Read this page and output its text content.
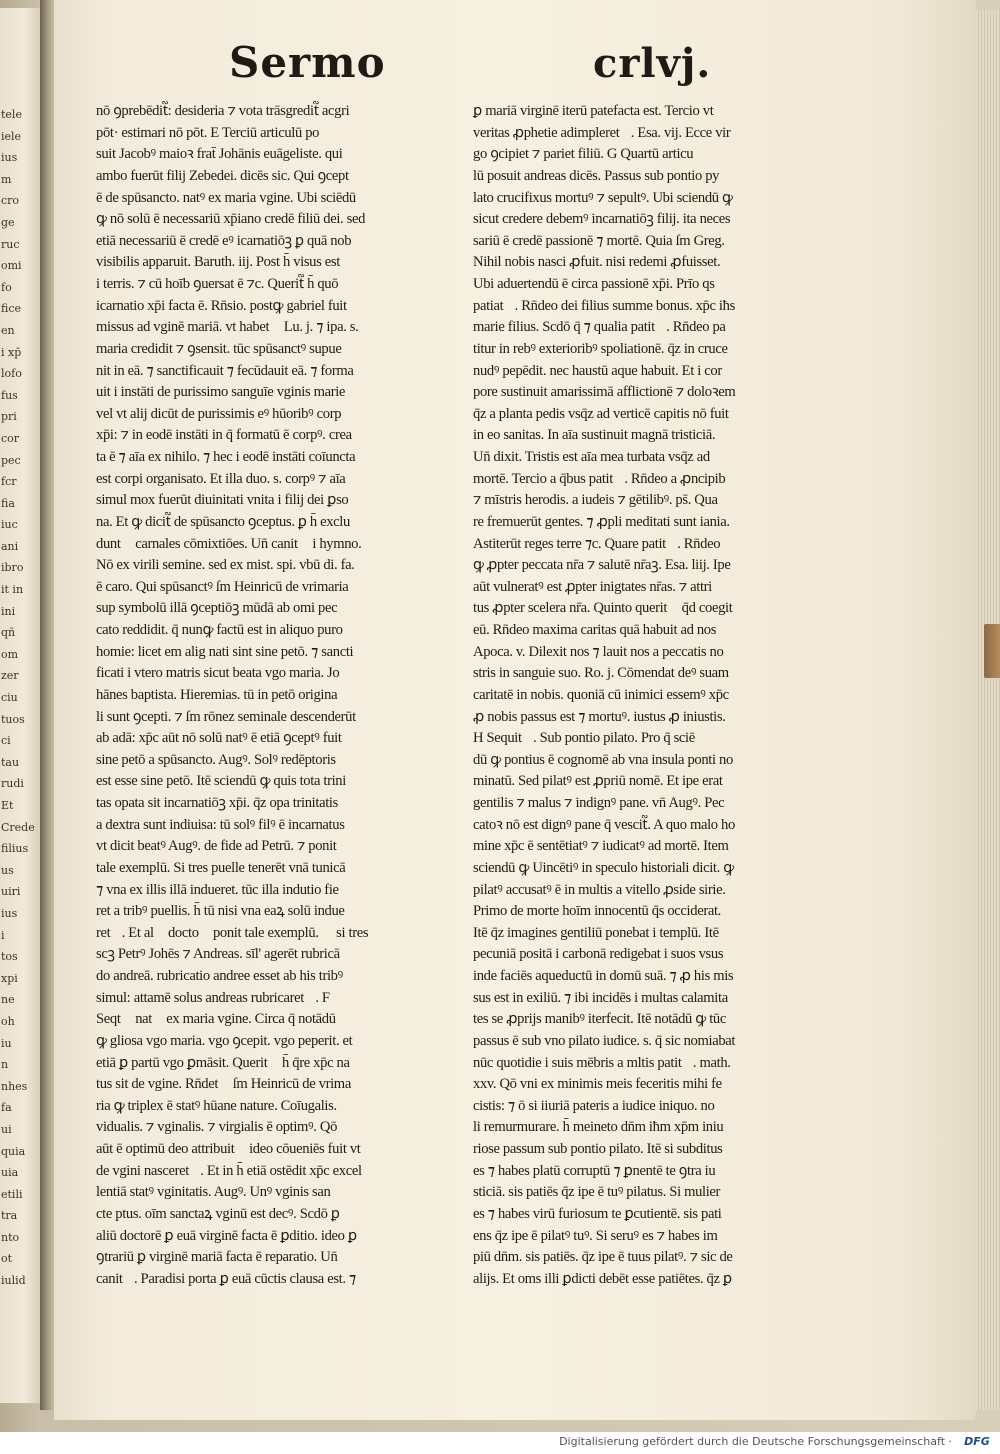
tele
iele
ius
m
cro
ge
ruc
omi
fo
fice
en
i xp̄
lofo
fus
pri
cor
pec
fcr
fia
iuc
ani
ibro
it in
ini
qñ
om
zer
ciu
tuos
ci
tau
rudi
Et
Crede
filius
us
uiri
ius
i
tos
xpi
ne
oh
iu
n
nhes
fa
ui
quia
uia
etili
tra
nto
ot
iulid
Sermo	crlvj.
nō ꝯprebēdit᷑: desideria ⁊ vota trāsgredit᷑ acgri
pōt· estimari nō pōt. E Terciū articulū po
suit Jacobꝰ maioꝛ frat̄ Johānis euāgeliste. qui
ambo fuerūt filij Zebedei. dicēs sic. Qui ꝯcept
ē de spūsancto. natꝰ ex maria vgine. Ubi sciēdū
ꝙ nō solū ē necessariū xp̄iano credē filiū dei. sed
etiā necessariū ē credē eꝰ icarnatiōꝫ ꝑ quā nob
visibilis apparuit. Baruth. iij. Post h̄ visus est
i terris. ⁊ cū hoīb ꝯuersat ē ⁊c. Querit᷑ h̄ quō
icarnatio xp̄i facta ē. Rn̄sio. postꝙ gabriel fuit
missus ad vginē mariā. vt habet᷑ Lu. j. ⁊ ipa. s.
maria credidit ⁊ ꝯsensit. tūc spūsanctꝰ supue
nit in eā. ⁊ sanctificauit ⁊ fecūdauit eā. ⁊ forma
uit i instāti de purissimo sanguīe vginis marie
vel vt alij dicūt de purissimis eꝰ hūoribꝰ corp
xp̄i: ⁊ in eodē instāti in q̄ formatū ē corpꝰ. crea
ta ē ⁊ aīa ex nihilo. ⁊ hec i eodē instāti coīuncta
est corpi organisato. Et illa duo. s. corpꝰ ⁊ aīa
simul mox fuerūt diuinitati vnita i filij dei ꝑso
na. Et ꝙ dicit᷑ de spūsancto ꝯceptus. ꝑ h̄ exclu
dunt᷑ carnales cōmixtiōes. Un̄ canit᷑ i hymno.
Nō ex virili semine. sed ex mist. spi. vbū di. fa.
ē caro. Qui spūsanctꝰ ſm Heinricū de vrimaria
sup symbolū illā ꝯceptiōꝫ mūdā ab omi pec
cato reddidit. q̄ nunꝙ factū est in aliquo puro
homie: licet em alig nati sint sine petō. ⁊ sancti
ficati i vtero matris sicut beata vgo maria. Jo
hānes baptista. Hieremias. tū in petō origina
li sunt ꝯcepti. ⁊ ſm rōnez seminale descenderūt
ab adā: xp̄c aūt nō solū natꝰ ē etiā ꝯceptꝰ fuit
sine petō a spūsancto. Augꝰ. Solꝰ redēptoris
est esse sine petō. Itē sciendū ꝙ quis tota trini
tas opata sit incarnatiōꝫ xp̄i. q̄z opa trinitatis
a dextra sunt indiuisa: tū solꝰ filꝰ ē incarnatus
vt dicit beatꝰ Augꝰ. de fide ad Petrū. ⁊ ponit
tale exemplū. Si tres puelle tenerēt vnā tunicā
⁊ vna ex illis illā indueret. tūc illa indutio fie
ret a tribꝰ puellis. h̄ tū nisi vna eaꝝ solū indue
ret᷑. Et alꝰ doctoꝛ ponit tale exemplū. ꝙ si tres
scꝫ Petrꝰ Johēs ⁊ Andreas. sīl' agerēt rubricā
do andreā. rubricatio andree esset ab his tribꝰ
simul: attamē solus andreas rubricaret᷑. F
Seqt᷑ natꝰ ex maria vgine. Circa q̄ notādū
ꝙ gliosa vgo maria. vgo ꝯcepit. vgo peperit. et
etiā ꝑ partū vgo ꝑmāsit. Querit᷑ h̄ q̄re xp̄c na
tus sit de vgine. Rn̄det᷑ ſm Heinricū de vrima
ria ꝙ triplex ē statꝰ hūane nature. Coīugalis.
vidualis. ⁊ vginalis. ⁊ virgialis ē optimꝰ. Qō
aūt ē optimū deo attribuit᷑ ideo cōueniēs fuit vt
de vgini nasceret᷑. Et in h̄ etiā ostēdit xp̄c excel
lentiā statꝰ vginitatis. Augꝰ. Unꝰ vginis san
cte ptus. oīm sanctaꝝ vginū est decꝰ. Scdō ꝑ
aliū doctorē ꝑ euā virginē facta ē ꝑditio. ideo ꝑ
ꝯtrariū ꝑ virginē mariā facta ē reparatio. Un̄
canit᷑. Paradisi porta ꝑ euā cūctis clausa est. ⁊
ꝑ mariā virginē iterū patefacta est. Tercio vt
veritas ꝓphetie adimpleret᷑. Esa. vij. Ecce vir
go ꝯcipiet ⁊ pariet filiū. G Quartū articu
lū posuit andreas dicēs. Passus sub pontio py
lato crucifixus mortuꝰ ⁊ sepultꝰ. Ubi sciendū ꝙ
sicut credere debemꝰ incarnatiōꝫ filij. ita neces
sariū ē credē passionē ⁊ mortē. Quia ſm Greg.
Nihil nobis nasci ꝓfuit. nisi redemi ꝓfuisset.
Ubi aduertendū ē circa passionē xp̄i. Prīo qs
patiat᷑. Rn̄deo dei filius summe bonus. xp̄c iħs
marie filius. Scdō q̄ ⁊ qualia patit᷑. Rn̄deo pa
titur in rebꝰ exterioribꝰ spoliationē. q̄z in cruce
nudꝰ pepēdit. nec haustū aque habuit. Et i cor
pore sustinuit amarissimā afflictionē ⁊ doloꝛem
q̄z a planta pedis vsq̄z ad verticē capitis nō fuit
in eo sanitas. In aīa sustinuit magnā tristiciā.
Un̄ dixit. Tristis est aīa mea turbata vsq̄z ad
mortē. Tercio a q̄bus patit᷑. Rn̄deo a ꝓncipibꝰ
⁊ mīstris herodis. a iudeis ⁊ gētilibꝰ. ps̄. Qua
re fremuerūt gentes. ⁊ ꝓpli meditati sunt iania.
Astiterūt reges terre ⁊c. Quare patit᷑. Rn̄deo
ꝙ ꝓpter peccata nr̄a ⁊ salutē nr̄aꝫ. Esa. liij. Ipe
aūt vulneratꝰ est ꝓpter inigtates nr̄as. ⁊ attri
tus ꝓpter scelera nr̄a. Quinto querit᷑ q̄d coegit
eū. Rn̄deo maxima caritas quā habuit ad nos
Apoca. v. Dilexit nos ⁊ lauit nos a peccatis no
stris in sanguie suo. Ro. j. Cōmendat deꝰ suam
caritatē in nobis. quoniā cū inimici essemꝰ xp̄c
ꝓ nobis passus est ⁊ mortuꝰ. iustus ꝓ iniustis.
H Sequit᷑. Sub pontio pilato. Pro q̄ sciē
dū ꝙ pontius ē cognomē ab vna insula ponti no
minatū. Sed pilatꝰ est ꝓpriū nomē. Et ipe erat
gentilis ⁊ malus ⁊ indignꝰ pane. vn̄ Augꝰ. Pec
catoꝛ nō est dignꝰ pane q̄ vescit᷑. A quo malo ho
mine xp̄c ē sentētiatꝰ ⁊ iudicatꝰ ad mortē. Item
sciendū ꝙ Uincētiꝰ in speculo historiali dicit. ꝙ
pilatꝰ accusatꝰ ē in multis a vitello ꝓside sirie.
Primo de morte hoīm innocentū q̄s occiderat.
Itē q̄z imagines gentiliū ponebat i templū. Itē
pecuniā positā i carbonā redigebat i suos vsus
inde faciēs aqueductū in domū suā. ⁊ ꝓ his mis
sus est in exiliū. ⁊ ibi incidēs i multas calamita
tes se ꝓprijs manibꝰ iterfecit. Itē notādū ꝙ tūc
passus ē sub vno pilato iudice. s. q̄ sic nomiabat᷑
nūc quotidie i suis mēbris a mltis patit᷑. math.
xxv. Qō vni ex minimis meis feceritis mihi fe
cistis: ⁊ ō si iiuriā pateris a iudice iniquo. no
li remurmurare. h̄ meineto dn̄m iħm xp̄m iniu
riose passum sub pontio pilato. Itē si subditus
es ⁊ habes platū corruptū ⁊ ꝑnentē te ꝯtra iu
sticiā. sis patiēs q̄z ipe ē tuꝰ pilatus. Si mulier
es ⁊ habes virū furiosum te ꝑcutientē. sis pati
ens q̄z ipe ē pilatꝰ tuꝰ. Si seruꝰ es ⁊ habes im
piū dn̄m. sis patiēs. q̄z ipe ē tuus pilatꝰ. ⁊ sic de
alijs. Et oms illi ꝑdicti debēt esse patiētes. q̄z ꝑ
Digitalisierung gefördert durch die Deutsche Forschungsgemeinschaft ·	DFG
